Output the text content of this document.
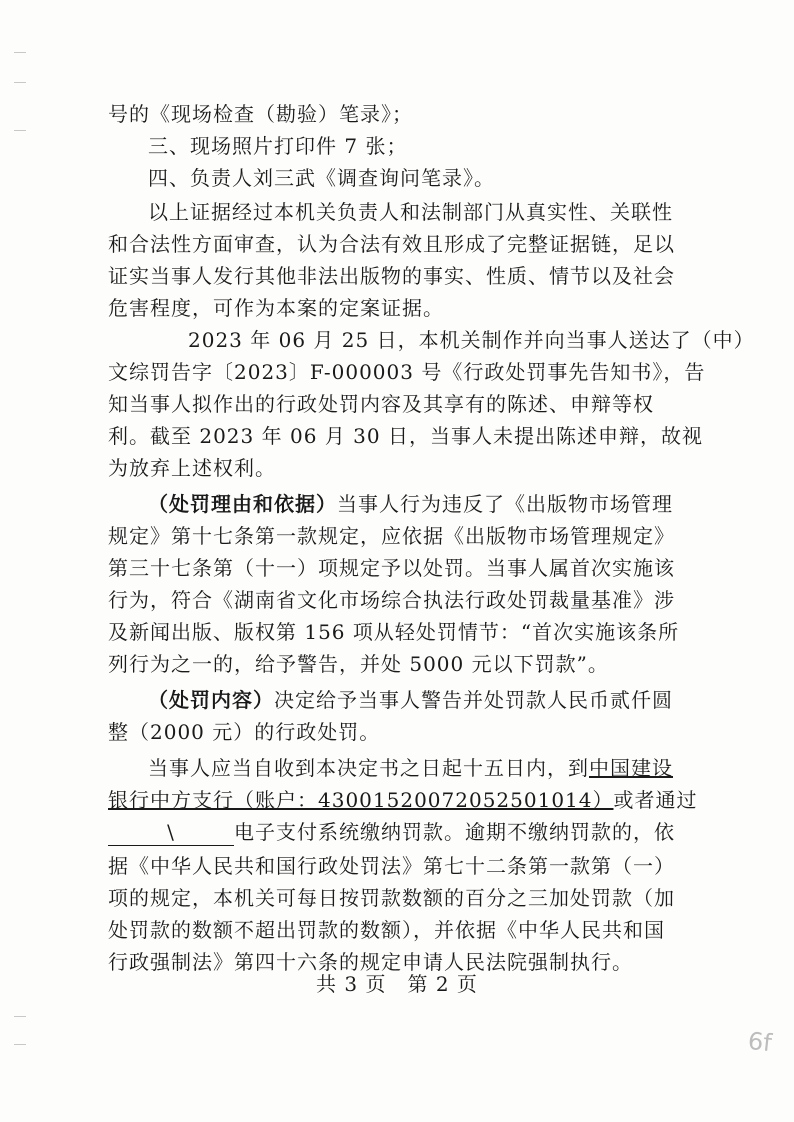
号的《现场检查（勘验）笔录》；
三、现场照片打印件 7 张；
四、负责人刘三武《调查询问笔录》。
以上证据经过本机关负责人和法制部门从真实性、关联性
和合法性方面审查，认为合法有效且形成了完整证据链，足以
证实当事人发行其他非法出版物的事实、性质、情节以及社会
危害程度，可作为本案的定案证据。
2023 年 06 月 25 日，本机关制作并向当事人送达了（中）
文综罚告字〔2023〕F-000003 号《行政处罚事先告知书》，告
知当事人拟作出的行政处罚内容及其享有的陈述、申辩等权
利。截至 2023 年 06 月 30 日，当事人未提出陈述申辩，故视
为放弃上述权利。
（处罚理由和依据）当事人行为违反了《出版物市场管理
规定》第十七条第一款规定，应依据《出版物市场管理规定》
第三十七条第（十一）项规定予以处罚。当事人属首次实施该
行为，符合《湖南省文化市场综合执法行政处罚裁量基准》涉
及新闻出版、版权第 156 项从轻处罚情节：“首次实施该条所
列行为之一的，给予警告，并处 5000 元以下罚款”。
（处罚内容）决定给予当事人警告并处罚款人民币贰仟圆
整（2000 元）的行政处罚。
当事人应当自收到本决定书之日起十五日内，到中国建设
银行中方支行（账户：43001520072052501014）或者通过
\	电子支付系统缴纳罚款。逾期不缴纳罚款的，依
据《中华人民共和国行政处罚法》第七十二条第一款第（一）
项的规定，本机关可每日按罚款数额的百分之三加处罚款（加
处罚款的数额不超出罚款的数额），并依据《中华人民共和国
行政强制法》第四十六条的规定申请人民法院强制执行。
共 3 页　第 2 页
6f
